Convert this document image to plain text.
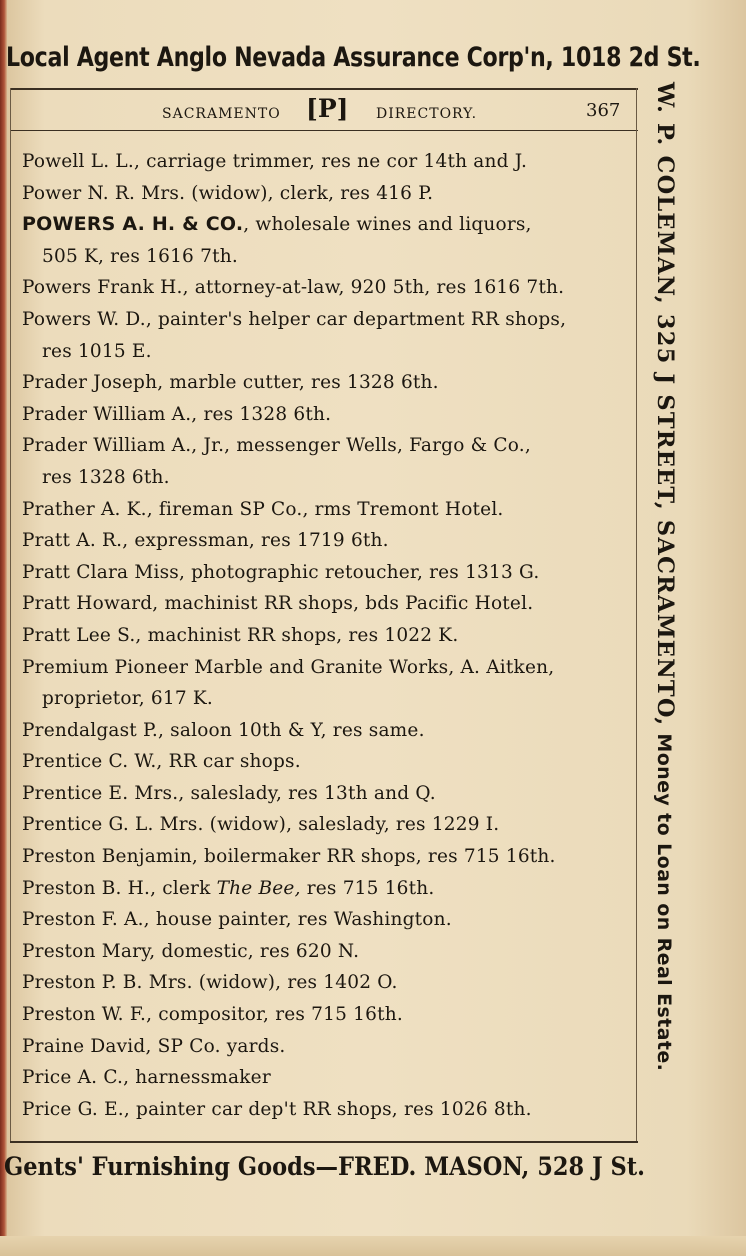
Local Agent Anglo Nevada Assurance Corp'n, 1018 2d St.
SACRAMENTO [P] DIRECTORY.	367
Powell L. L., carriage trimmer, res ne cor 14th and J.
Power N. R. Mrs. (widow), clerk, res 416 P.
POWERS A. H. & CO., wholesale wines and liquors,
505 K, res 1616 7th.
Powers Frank H., attorney-at-law, 920 5th, res 1616 7th.
Powers W. D., painter's helper car department RR shops,
res 1015 E.
Prader Joseph, marble cutter, res 1328 6th.
Prader William A., res 1328 6th.
Prader William A., Jr., messenger Wells, Fargo & Co.,
res 1328 6th.
Prather A. K., fireman SP Co., rms Tremont Hotel.
Pratt A. R., expressman, res 1719 6th.
Pratt Clara Miss, photographic retoucher, res 1313 G.
Pratt Howard, machinist RR shops, bds Pacific Hotel.
Pratt Lee S., machinist RR shops, res 1022 K.
Premium Pioneer Marble and Granite Works, A. Aitken,
proprietor, 617 K.
Prendalgast P., saloon 10th & Y, res same.
Prentice C. W., RR car shops.
Prentice E. Mrs., saleslady, res 13th and Q.
Prentice G. L. Mrs. (widow), saleslady, res 1229 I.
Preston Benjamin, boilermaker RR shops, res 715 16th.
Preston B. H., clerk The Bee, res 715 16th.
Preston F. A., house painter, res Washington.
Preston Mary, domestic, res 620 N.
Preston P. B. Mrs. (widow), res 1402 O.
Preston W. F., compositor, res 715 16th.
Praine David, SP Co. yards.
Price A. C., harnessmaker
Price G. E., painter car dep't RR shops, res 1026 8th.
W. P. COLEMAN, 325 J STREET, SACRAMENTO, Money to Loan on Real Estate.
Gents' Furnishing Goods—FRED. MASON, 528 J St.
